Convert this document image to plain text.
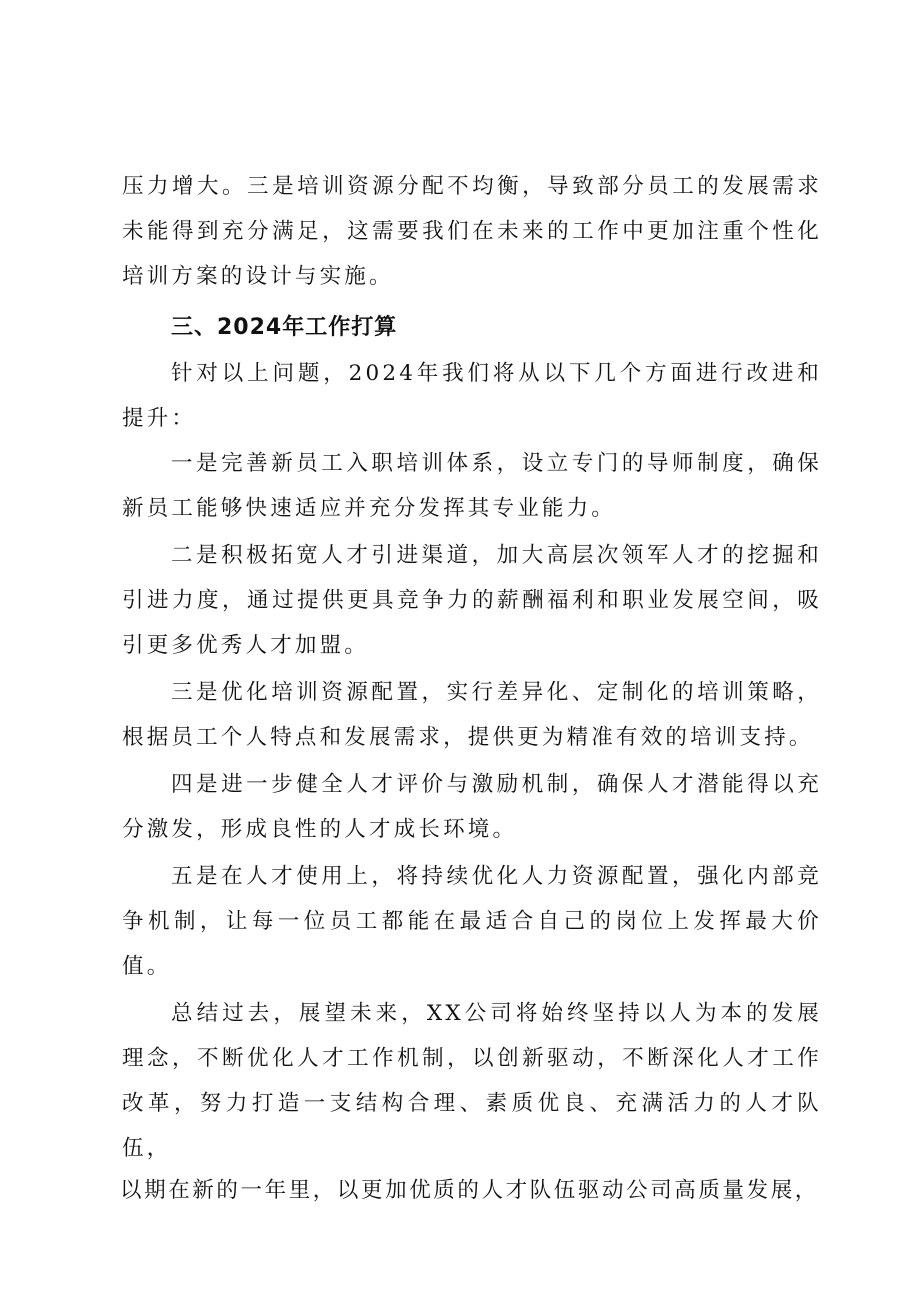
压力增大。三是培训资源分配不均衡，导致部分员工的发展需求未能得到充分满足，这需要我们在未来的工作中更加注重个性化培训方案的设计与实施。

三、2024年工作打算

针对以上问题，2024年我们将从以下几个方面进行改进和提升：

一是完善新员工入职培训体系，设立专门的导师制度，确保新员工能够快速适应并充分发挥其专业能力。

二是积极拓宽人才引进渠道，加大高层次领军人才的挖掘和引进力度，通过提供更具竞争力的薪酬福利和职业发展空间，吸引更多优秀人才加盟。

三是优化培训资源配置，实行差异化、定制化的培训策略，根据员工个人特点和发展需求，提供更为精准有效的培训支持。

四是进一步健全人才评价与激励机制，确保人才潜能得以充分激发，形成良性的人才成长环境。

五是在人才使用上，将持续优化人力资源配置，强化内部竞争机制，让每一位员工都能在最适合自己的岗位上发挥最大价值。

总结过去，展望未来，XX公司将始终坚持以人为本的发展理念，不断优化人才工作机制，以创新驱动，不断深化人才工作改革，努力打造一支结构合理、素质优良、充满活力的人才队伍，

以期在新的一年里，以更加优质的人才队伍驱动公司高质量发展，
